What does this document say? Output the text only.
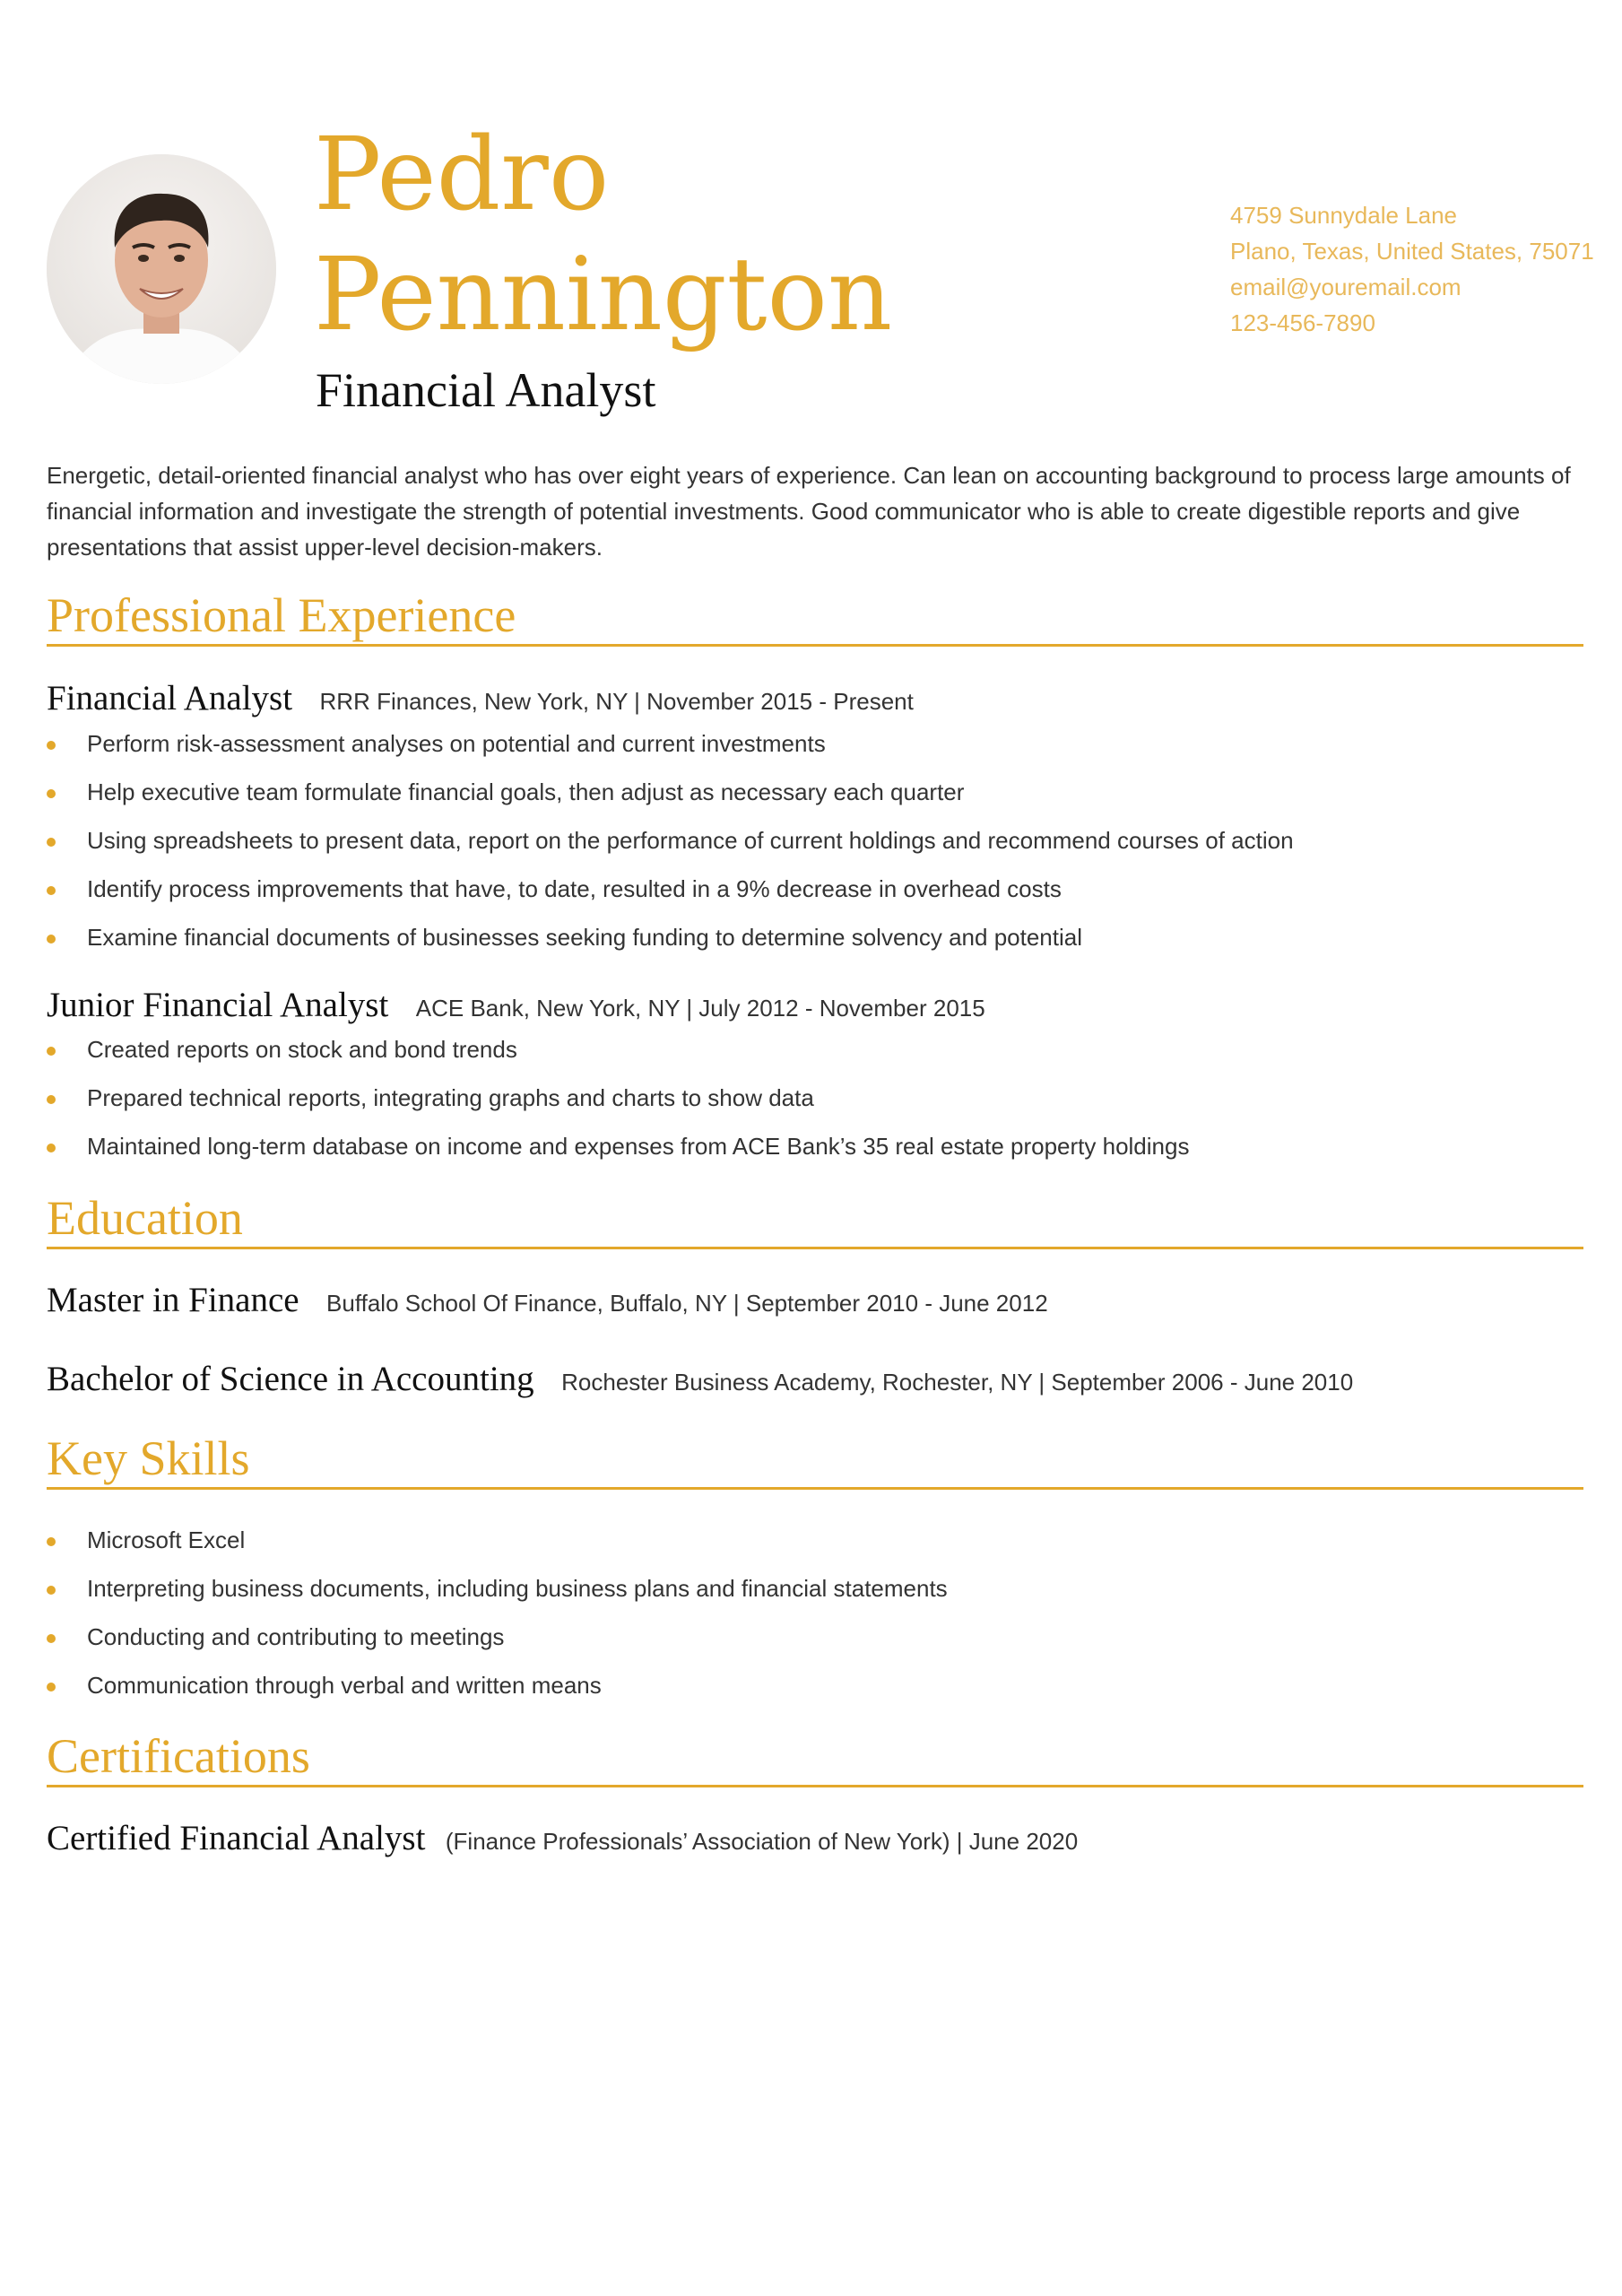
Pedro
Pennington
Financial Analyst
4759 Sunnydale Lane
Plano, Texas, United States, 75071
email@youremail.com
123-456-7890

Energetic, detail-oriented financial analyst who has over eight years of experience. Can lean on accounting background to process large amounts of financial information and investigate the strength of potential investments. Good communicator who is able to create digestible reports and give presentations that assist upper-level decision-makers.

Professional Experience
Financial Analyst RRR Finances, New York, NY | November 2015 - Present
Perform risk-assessment analyses on potential and current investments
Help executive team formulate financial goals, then adjust as necessary each quarter
Using spreadsheets to present data, report on the performance of current holdings and recommend courses of action
Identify process improvements that have, to date, resulted in a 9% decrease in overhead costs
Examine financial documents of businesses seeking funding to determine solvency and potential
Junior Financial Analyst ACE Bank, New York, NY | July 2012 - November 2015
Created reports on stock and bond trends
Prepared technical reports, integrating graphs and charts to show data
Maintained long-term database on income and expenses from ACE Bank’s 35 real estate property holdings
Education
Master in Finance Buffalo School Of Finance, Buffalo, NY | September 2010 - June 2012
Bachelor of Science in Accounting Rochester Business Academy, Rochester, NY | September 2006 - June 2010
Key Skills
Microsoft Excel
Interpreting business documents, including business plans and financial statements
Conducting and contributing to meetings
Communication through verbal and written means
Certifications
Certified Financial Analyst (Finance Professionals’ Association of New York) | June 2020
